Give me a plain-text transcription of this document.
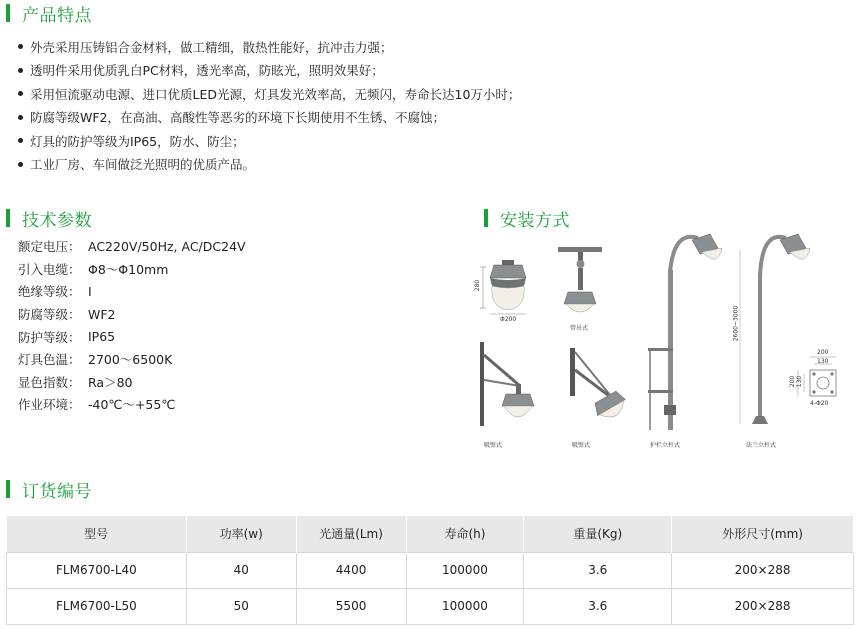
产品特点
外壳采用压铸铝合金材料，做工精细，散热性能好，抗冲击力强；
透明件采用优质乳白PC材料，透光率高，防眩光，照明效果好；
采用恒流驱动电源、进口优质LED光源，灯具发光效率高，无频闪，寿命长达10万小时；
防腐等级WF2，在高油、高酸性等恶劣的环境下长期使用不生锈、不腐蚀；
灯具的防护等级为IP65，防水、防尘；
工业厂房、车间做泛光照明的优质产品。
技术参数
额定电压： AC220V/50Hz, AC/DC24V
引入电缆： Φ8～Φ10mm
绝缘等级： I
防腐等级： WF2
防护等级： IP65
灯具色温： 2700～6500K
显色指数： Ra＞80
作业环境： -40℃～+55℃
安装方式
280
Φ200
管吊式
吸壁式	吸壁式	护栏立杆式	法兰立杆式
2600~3000
200
130
200 130
4-Φ20
订货编号
型号	功率(w)	光通量(Lm)	寿命(h)	重量(Kg)	外形尺寸(mm)
FLM6700-L40	40	4400	100000	3.6	200×288
FLM6700-L50	50	5500	100000	3.6	200×288
